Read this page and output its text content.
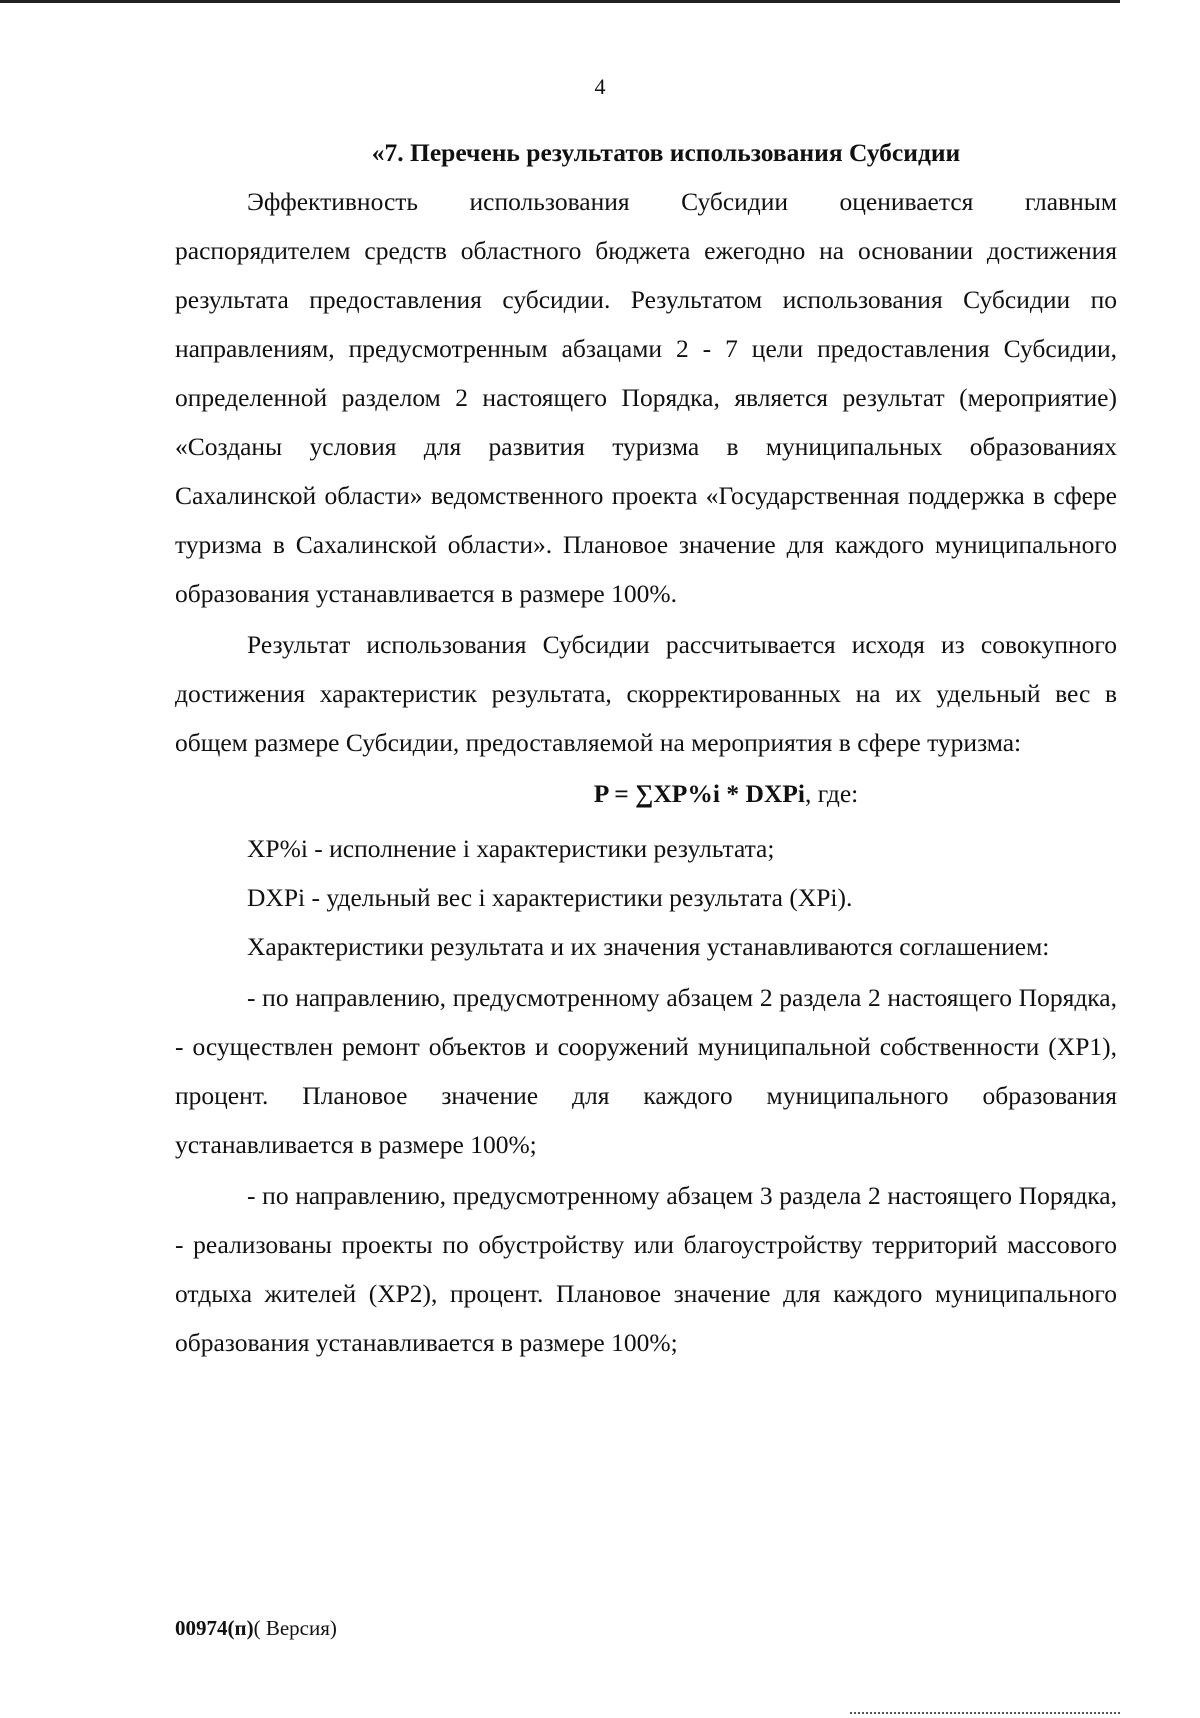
4

«7. Перечень результатов использования Субсидии

Эффективность использования Субсидии оценивается главным распорядителем средств областного бюджета ежегодно на основании достижения результата предоставления субсидии. Результатом использования Субсидии по направлениям, предусмотренным абзацами 2 - 7 цели предоставления Субсидии, определенной разделом 2 настоящего Порядка, является результат (мероприятие) «Созданы условия для развития туризма в муниципальных образованиях Сахалинской области» ведомственного проекта «Государственная поддержка в сфере туризма в Сахалинской области». Плановое значение для каждого муниципального образования устанавливается в размере 100%.

Результат использования Субсидии рассчитывается исходя из совокупного достижения характеристик результата, скорректированных на их удельный вес в общем размере Субсидии, предоставляемой на мероприятия в сфере туризма:

P = ∑XP%i * DXPi, где:

XP%i - исполнение i характеристики результата;

DXPi - удельный вес i характеристики результата (XPi).

Характеристики результата и их значения устанавливаются соглашением:

- по направлению, предусмотренному абзацем 2 раздела 2 настоящего Порядка, - осуществлен ремонт объектов и сооружений муниципальной собственности (XP1), процент. Плановое значение для каждого муниципального образования устанавливается в размере 100%;

- по направлению, предусмотренному абзацем 3 раздела 2 настоящего Порядка, - реализованы проекты по обустройству или благоустройству территорий массового отдыха жителей (XP2), процент. Плановое значение для каждого муниципального образования устанавливается в размере 100%;

00974(п)( Версия)
